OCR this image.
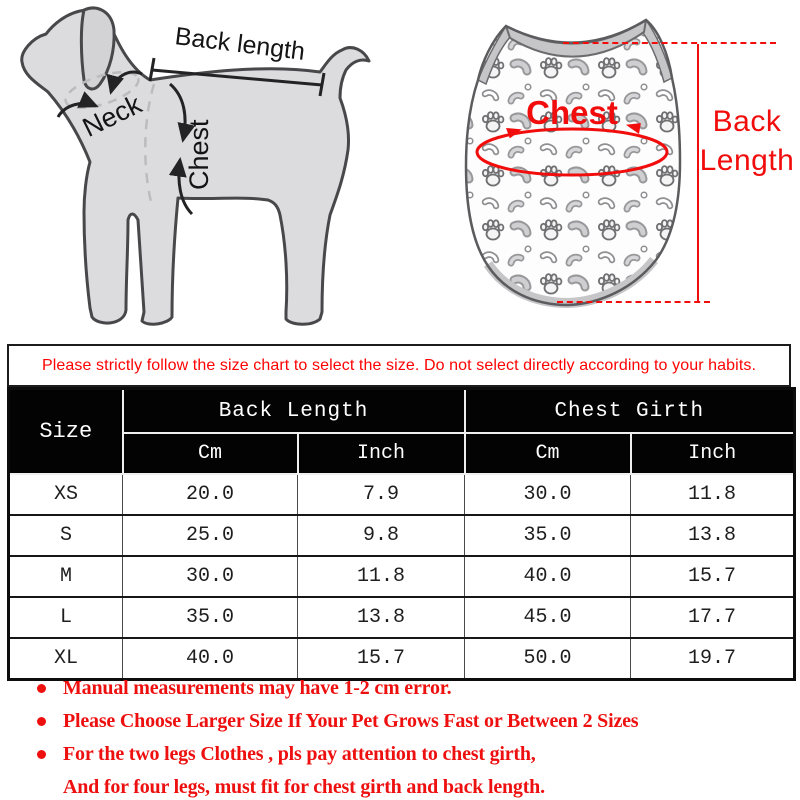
Back length
Neck
Chest
Chest	Back Length
Please strictly follow the size chart to select the size. Do not select directly according to your habits.
Size	Back Length		Chest Girth	
	Cm	Inch	Cm	Inch
XS	20.0	7.9	30.0	11.8
S	25.0	9.8	35.0	13.8
M	30.0	11.8	40.0	15.7
L	35.0	13.8	45.0	17.7
XL	40.0	15.7	50.0	19.7
Manual measurements may have 1-2 cm error.
Please Choose Larger Size If Your Pet Grows Fast or Between 2 Sizes
For the two legs Clothes , pls pay attention to chest girth,
And for four legs, must fit for chest girth and back length.
